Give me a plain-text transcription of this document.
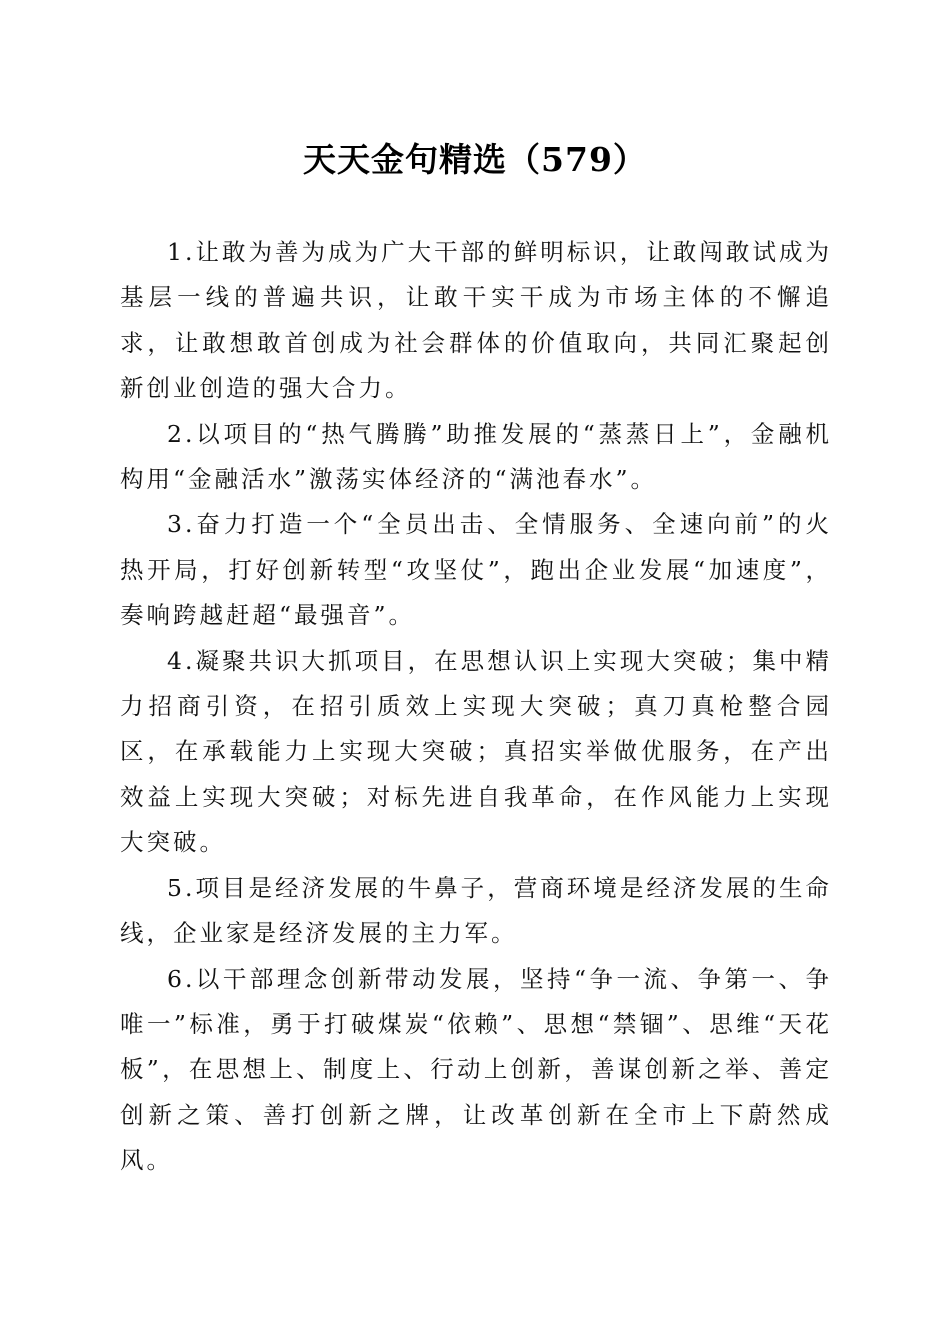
天天金句精选（579）

1.让敢为善为成为广大干部的鲜明标识，让敢闯敢试成为基层一线的普遍共识，让敢干实干成为市场主体的不懈追求，让敢想敢首创成为社会群体的价值取向，共同汇聚起创新创业创造的强大合力。

2.以项目的“热气腾腾”助推发展的“蒸蒸日上”，金融机构用“金融活水”激荡实体经济的“满池春水”。

3.奋力打造一个“全员出击、全情服务、全速向前”的火热开局，打好创新转型“攻坚仗”，跑出企业发展“加速度”，奏响跨越赶超“最强音”。

4.凝聚共识大抓项目，在思想认识上实现大突破；集中精力招商引资，在招引质效上实现大突破；真刀真枪整合园区，在承载能力上实现大突破；真招实举做优服务，在产出效益上实现大突破；对标先进自我革命，在作风能力上实现大突破。

5.项目是经济发展的牛鼻子，营商环境是经济发展的生命线，企业家是经济发展的主力军。

6.以干部理念创新带动发展，坚持“争一流、争第一、争唯一”标准，勇于打破煤炭“依赖”、思想“禁锢”、思维“天花板”，在思想上、制度上、行动上创新，善谋创新之举、善定创新之策、善打创新之牌，让改革创新在全市上下蔚然成风。
